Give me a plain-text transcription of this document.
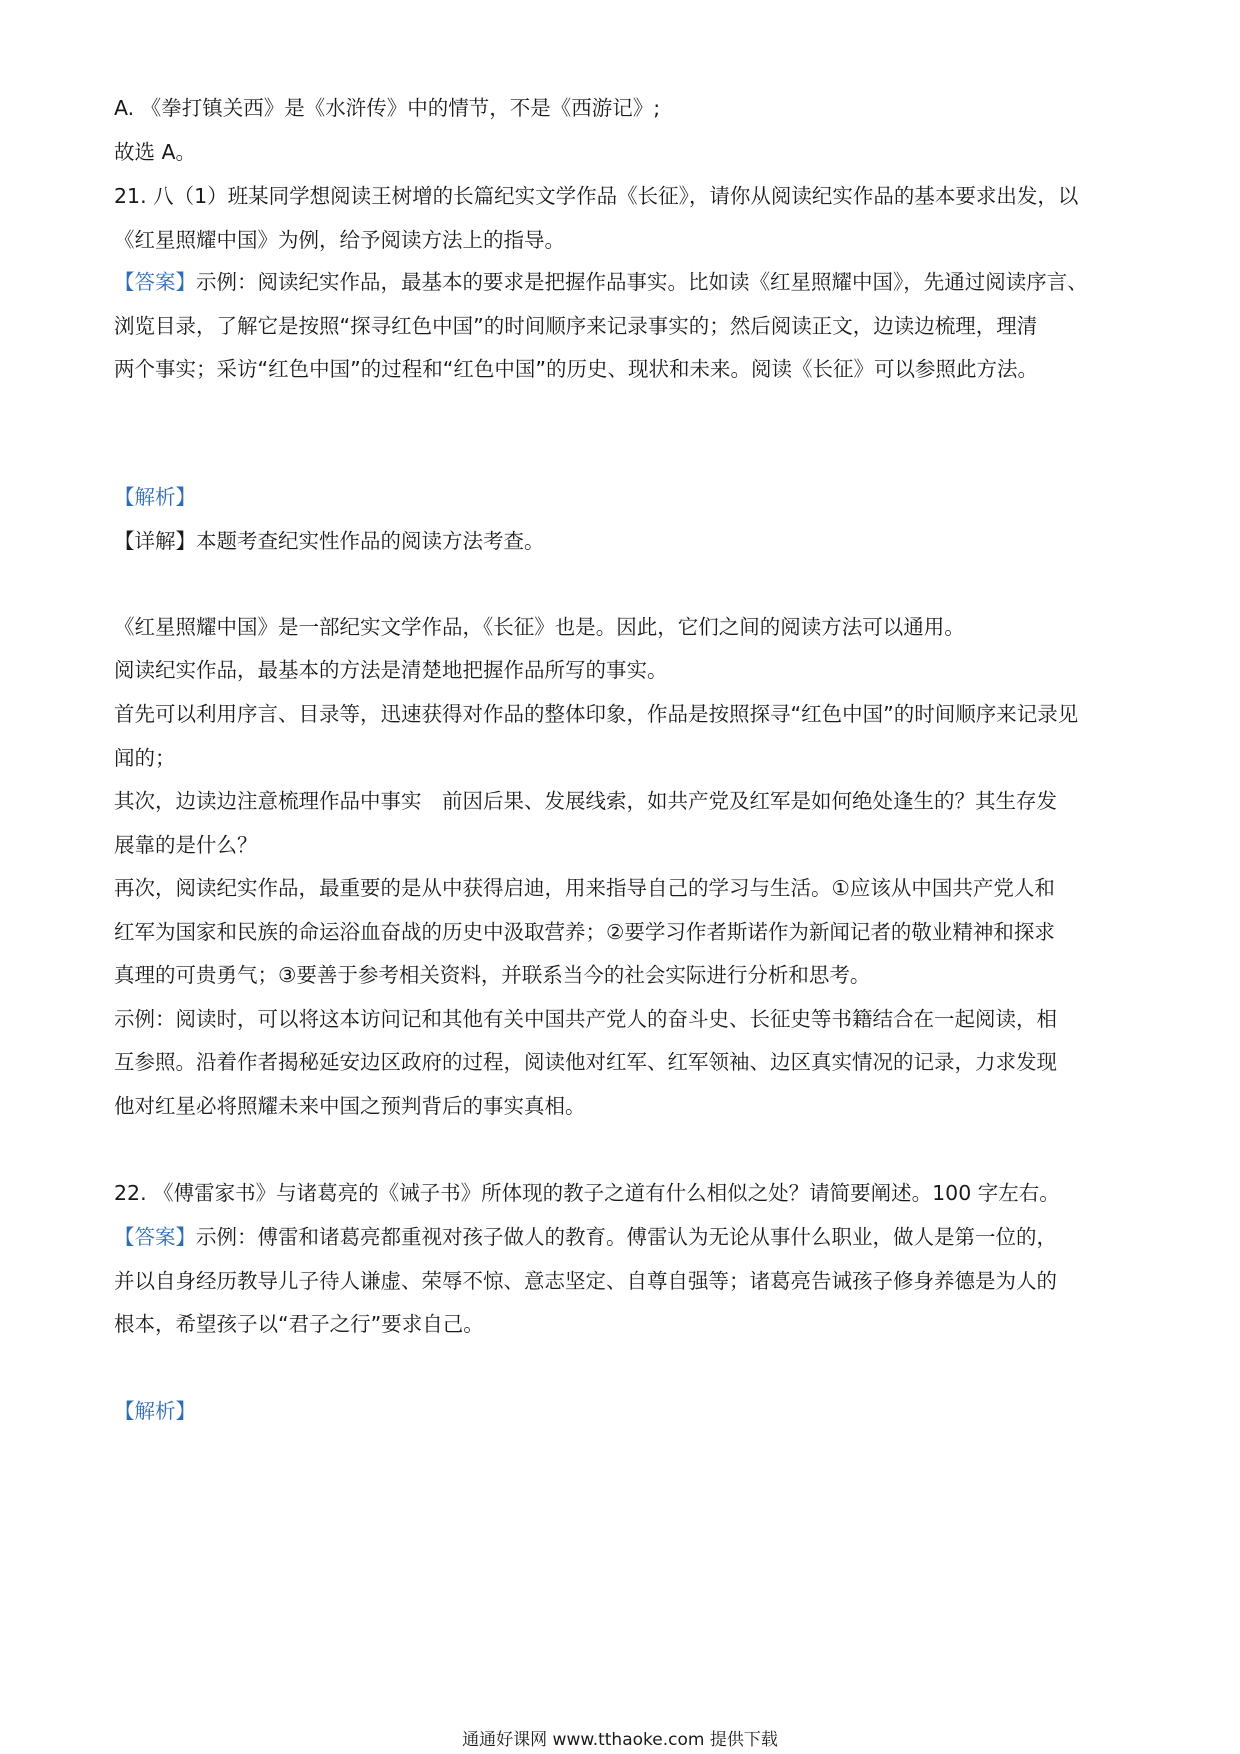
A. 《拳打镇关西》是《水浒传》中的情节，不是《西游记》;
故选 A。
21. 八（1）班某同学想阅读王树增的长篇纪实文学作品《长征》，请你从阅读纪实作品的基本要求出发，以
《红星照耀中国》为例，给予阅读方法上的指导。
【答案】示例：阅读纪实作品，最基本的要求是把握作品事实。比如读《红星照耀中国》，先通过阅读序言、
浏览目录，了解它是按照“探寻红色中国”的时间顺序来记录事实的；然后阅读正文，边读边梳理，理清
两个事实；采访“红色中国”的过程和“红色中国”的历史、现状和未来。阅读《长征》可以参照此方法。
【解析】
【详解】本题考查纪实性作品的阅读方法考查。
《红星照耀中国》是一部纪实文学作品，《长征》也是。因此，它们之间的阅读方法可以通用。
阅读纪实作品，最基本的方法是清楚地把握作品所写的事实。
首先可以利用序言、目录等，迅速获得对作品的整体印象，作品是按照探寻“红色中国”的时间顺序来记录见
闻的；
其次，边读边注意梳理作品中事实　前因后果、发展线索，如共产党及红军是如何绝处逢生的？其生存发
展靠的是什么？
再次，阅读纪实作品，最重要的是从中获得启迪，用来指导自己的学习与生活。①应该从中国共产党人和
红军为国家和民族的命运浴血奋战的历史中汲取营养；②要学习作者斯诺作为新闻记者的敬业精神和探求
真理的可贵勇气；③要善于参考相关资料，并联系当今的社会实际进行分析和思考。
示例：阅读时，可以将这本访问记和其他有关中国共产党人的奋斗史、长征史等书籍结合在一起阅读，相
互参照。沿着作者揭秘延安边区政府的过程，阅读他对红军、红军领袖、边区真实情况的记录，力求发现
他对红星必将照耀未来中国之预判背后的事实真相。
22. 《傅雷家书》与诸葛亮的《诫子书》所体现的教子之道有什么相似之处？请简要阐述。100 字左右。
【答案】示例：傅雷和诸葛亮都重视对孩子做人的教育。傅雷认为无论从事什么职业，做人是第一位的，
并以自身经历教导儿子待人谦虚、荣辱不惊、意志坚定、自尊自强等；诸葛亮告诫孩子修身养德是为人的
根本，希望孩子以“君子之行”要求自己。
【解析】
通通好课网 www.tthaoke.com 提供下载
